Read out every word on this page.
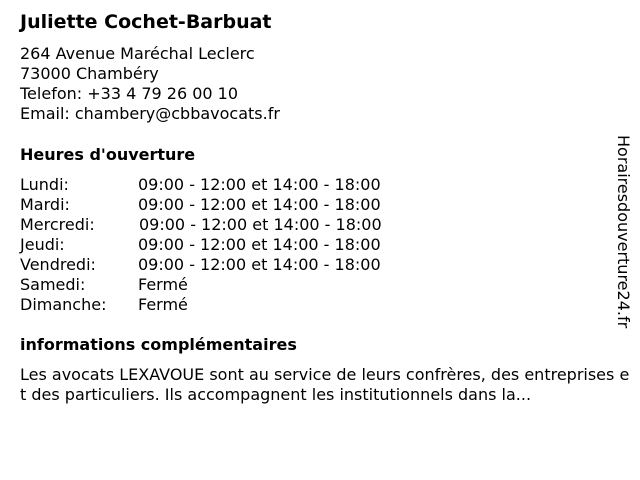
Juliette Cochet-Barbuat
264 Avenue Maréchal Leclerc
73000 Chambéry
Telefon: +33 4 79 26 00 10
Email: chambery@cbbavocats.fr
Heures d'ouverture
Lundi:	09:00 - 12:00 et 14:00 - 18:00
Mardi:	09:00 - 12:00 et 14:00 - 18:00
Mercredi:	09:00 - 12:00 et 14:00 - 18:00
Jeudi:	09:00 - 12:00 et 14:00 - 18:00
Vendredi:	09:00 - 12:00 et 14:00 - 18:00
Samedi:	Fermé
Dimanche: Fermé
informations complémentaires
Les avocats LEXAVOUE sont au service de leurs confrères, des entreprises et des particuliers. Ils accompagnent les institutionnels dans la...
Horairesdouverture24.fr
